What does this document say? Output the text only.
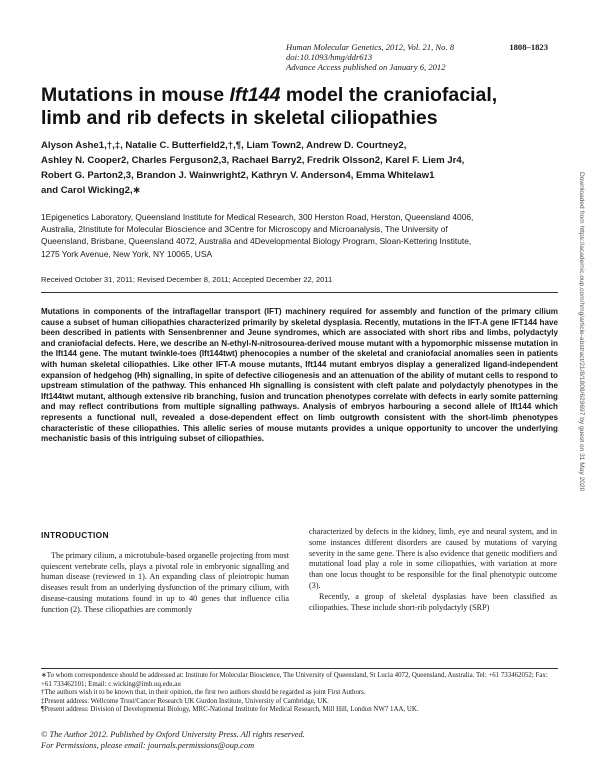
Human Molecular Genetics, 2012, Vol. 21, No. 8	1808–1823
doi:10.1093/hmg/ddr613
Advance Access published on January 6, 2012
Mutations in mouse Ift144 model the craniofacial,
limb and rib defects in skeletal ciliopathies
Alyson Ashe1,†,‡, Natalie C. Butterfield2,†,¶, Liam Town2, Andrew D. Courtney2,
Ashley N. Cooper2, Charles Ferguson2,3, Rachael Barry2, Fredrik Olsson2, Karel F. Liem Jr4,
Robert G. Parton2,3, Brandon J. Wainwright2, Kathryn V. Anderson4, Emma Whitelaw1
and Carol Wicking2,∗
1Epigenetics Laboratory, Queensland Institute for Medical Research, 300 Herston Road, Herston, Queensland 4006,
Australia, 2Institute for Molecular Bioscience and 3Centre for Microscopy and Microanalysis, The University of
Queensland, Brisbane, Queensland 4072, Australia and 4Developmental Biology Program, Sloan-Kettering Institute,
1275 York Avenue, New York, NY 10065, USA
Received October 31, 2011; Revised December 8, 2011; Accepted December 22, 2011
Mutations in components of the intraflagellar transport (IFT) machinery required for assembly and function of the primary cilium cause a subset of human ciliopathies characterized primarily by skeletal dysplasia. Recently, mutations in the IFT-A gene IFT144 have been described in patients with Sensenbrenner and Jeune syndromes, which are associated with short ribs and limbs, polydactyly and craniofacial defects. Here, we describe an N-ethyl-N-nitrosourea-derived mouse mutant with a hypomorphic missense mutation in the Ift144 gene. The mutant twinkle-toes (Ift144twt) phenocopies a number of the skeletal and craniofacial anomalies seen in patients with human skeletal ciliopathies. Like other IFT-A mouse mutants, Ift144 mutant embryos display a generalized ligand-independent expansion of hedgehog (Hh) signalling, in spite of defective ciliogenesis and an attenuation of the ability of mutant cells to respond to upstream stimulation of the pathway. This enhanced Hh signalling is consistent with cleft palate and polydactyly phenotypes in the Ift144twt mutant, although extensive rib branching, fusion and truncation phenotypes correlate with defects in early somite patterning and may reflect contributions from multiple signalling pathways. Analysis of embryos harbouring a second allele of Ift144 which represents a functional null, revealed a dose-dependent effect on limb outgrowth consistent with the short-limb phenotypes characteristic of these ciliopathies. This allelic series of mouse mutants provides a unique opportunity to uncover the underlying mechanistic basis of this intriguing subset of ciliopathies.
INTRODUCTION

The primary cilium, a microtubule-based organelle projecting from most quiescent vertebrate cells, plays a pivotal role in embryonic signalling and human disease (reviewed in 1). An expanding class of pleiotropic human diseases result from an underlying dysfunction of the primary cilium, with disease-causing mutations found in up to 40 genes that influence cilia function (2). These ciliopathies are commonly

characterized by defects in the kidney, limb, eye and neural system, and in some instances different disorders are caused by mutations of varying severity in the same gene. There is also evidence that genetic modifiers and mutational load play a role in some ciliopathies, with variation at more than one locus thought to be responsible for the final phenotypic outcome (3).

Recently, a group of skeletal dysplasias have been classified as ciliopathies. These include short-rib polydactyly (SRP)

∗To whom correspondence should be addressed at: Institute for Molecular Bioscience, The University of Queensland, St Lucia 4072, Queensland, Australia. Tel: +61 733462052; Fax: +61 733462101; Email: c.wicking@imb.uq.edu.au
†The authors wish it to be known that, in their opinion, the first two authors should be regarded as joint First Authors.
‡Present address: Wellcome Trust/Cancer Research UK Gurdon Institute, University of Cambridge, UK.
¶Present address: Division of Developmental Biology, MRC-National Institute for Medical Research, Mill Hill, London NW7 1AA, UK.
© The Author 2012. Published by Oxford University Press. All rights reserved.
For Permissions, please email: journals.permissions@oup.com
Downloaded from https://academic.oup.com/hmg/article-abstract/21/8/1808/629697 by guest on 31 May 2020
